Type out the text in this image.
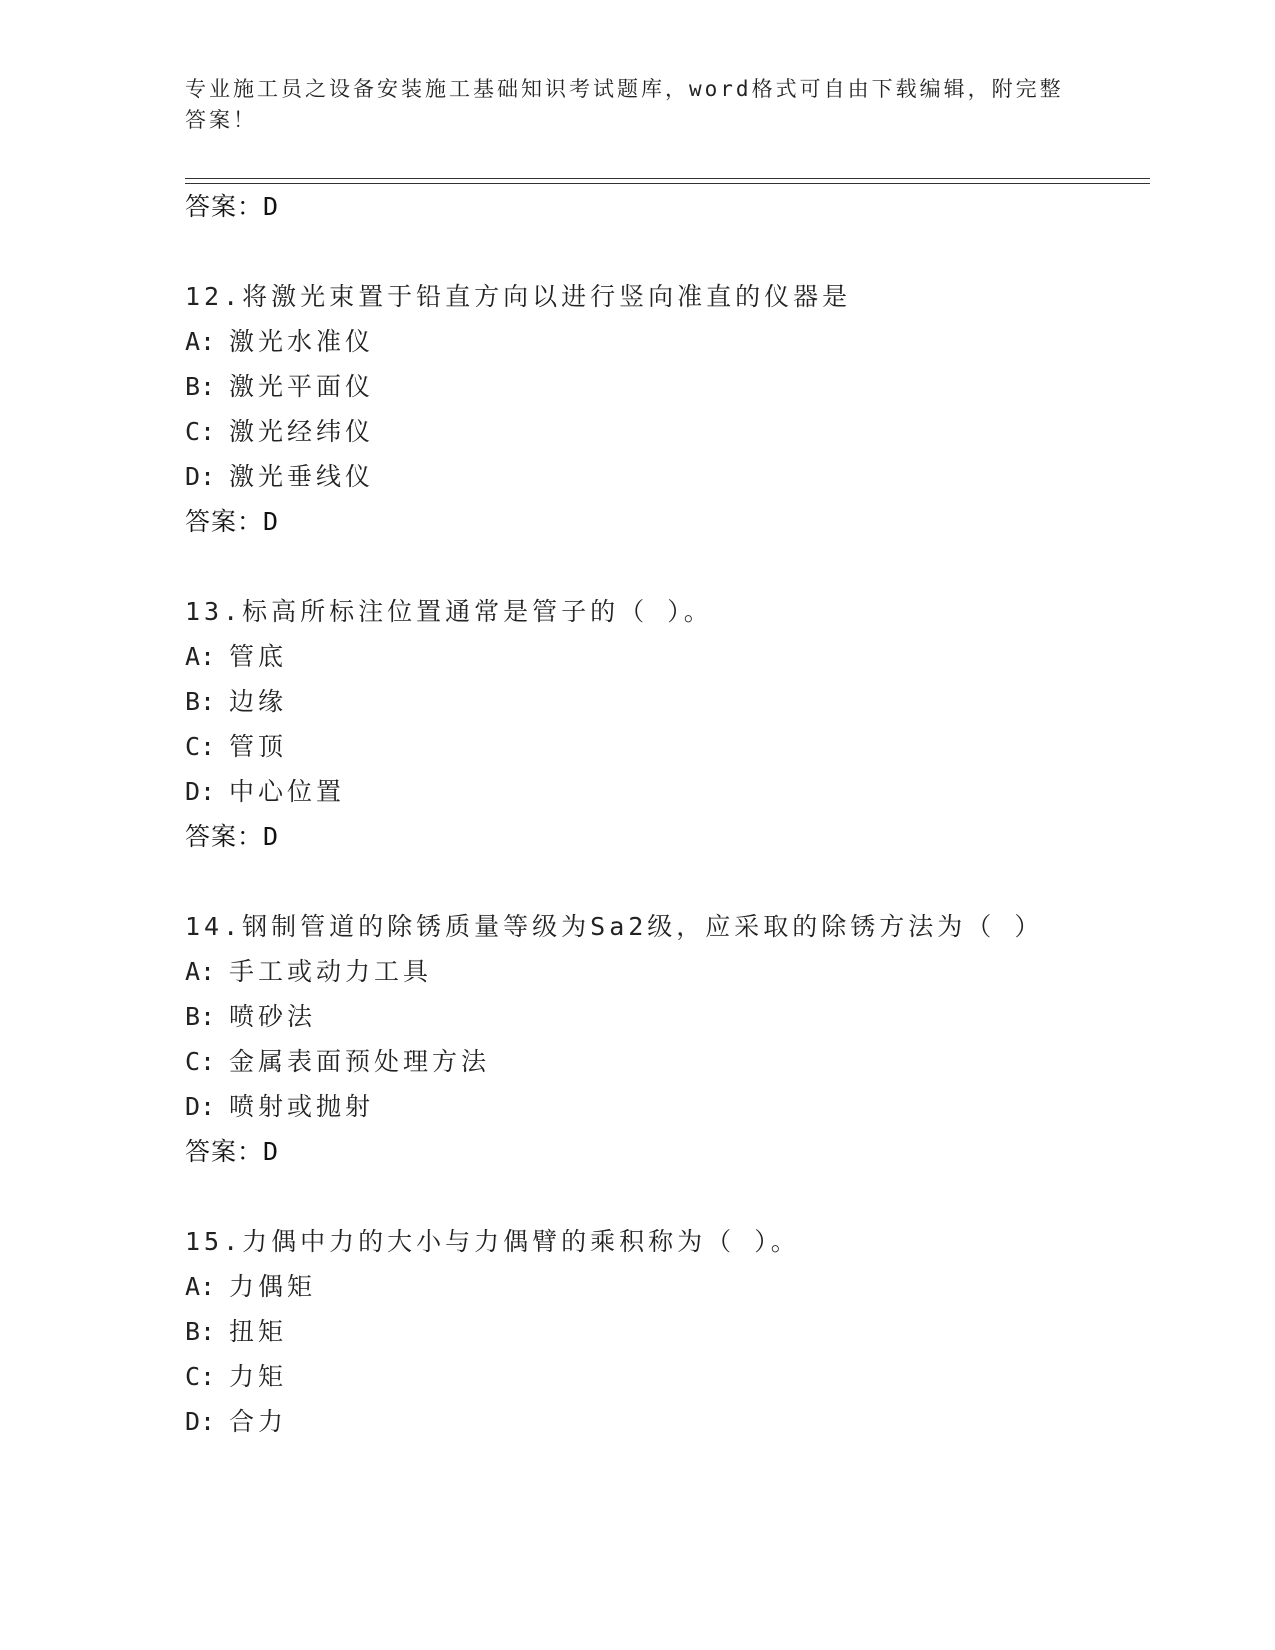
专业施工员之设备安装施工基础知识考试题库，word格式可自由下载编辑，附完整答案！
答案：D

12.将激光束置于铅直方向以进行竖向准直的仪器是

A: 激光水准仪
B: 激光平面仪
C: 激光经纬仪
D: 激光垂线仪
答案：D

13.标高所标注位置通常是管子的（ ）。

A: 管底
B: 边缘
C: 管顶
D: 中心位置
答案：D

14.钢制管道的除锈质量等级为Sa2级，应采取的除锈方法为（ ）

A: 手工或动力工具
B: 喷砂法
C: 金属表面预处理方法
D: 喷射或抛射
答案：D

15.力偶中力的大小与力偶臂的乘积称为（ ）。

A: 力偶矩
B: 扭矩
C: 力矩
D: 合力
